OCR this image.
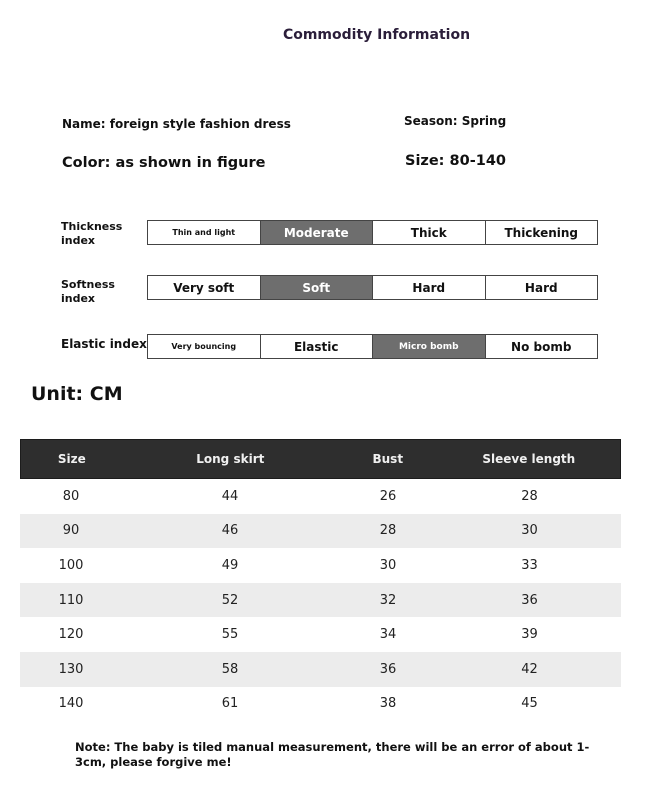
Commodity Information
Name: foreign style fashion dress	Season: Spring
Color: as shown in figure	Size: 80-140
Thickness index
Thin and light	Moderate	Thick	Thickening
Softness index
Very soft	Soft	Hard	Hard
Elastic index	Very bouncing	Elastic	Micro bomb	No bomb
Unit: CM
Size	Long skirt	Bust	Sleeve length
80	44	26	28
90	46	28	30
100	49	30	33
110	52	32	36
120	55	34	39
130	58	36	42
140	61	38	45
Note: The baby is tiled manual measurement, there will be an error of about 1-3cm, please forgive me!
